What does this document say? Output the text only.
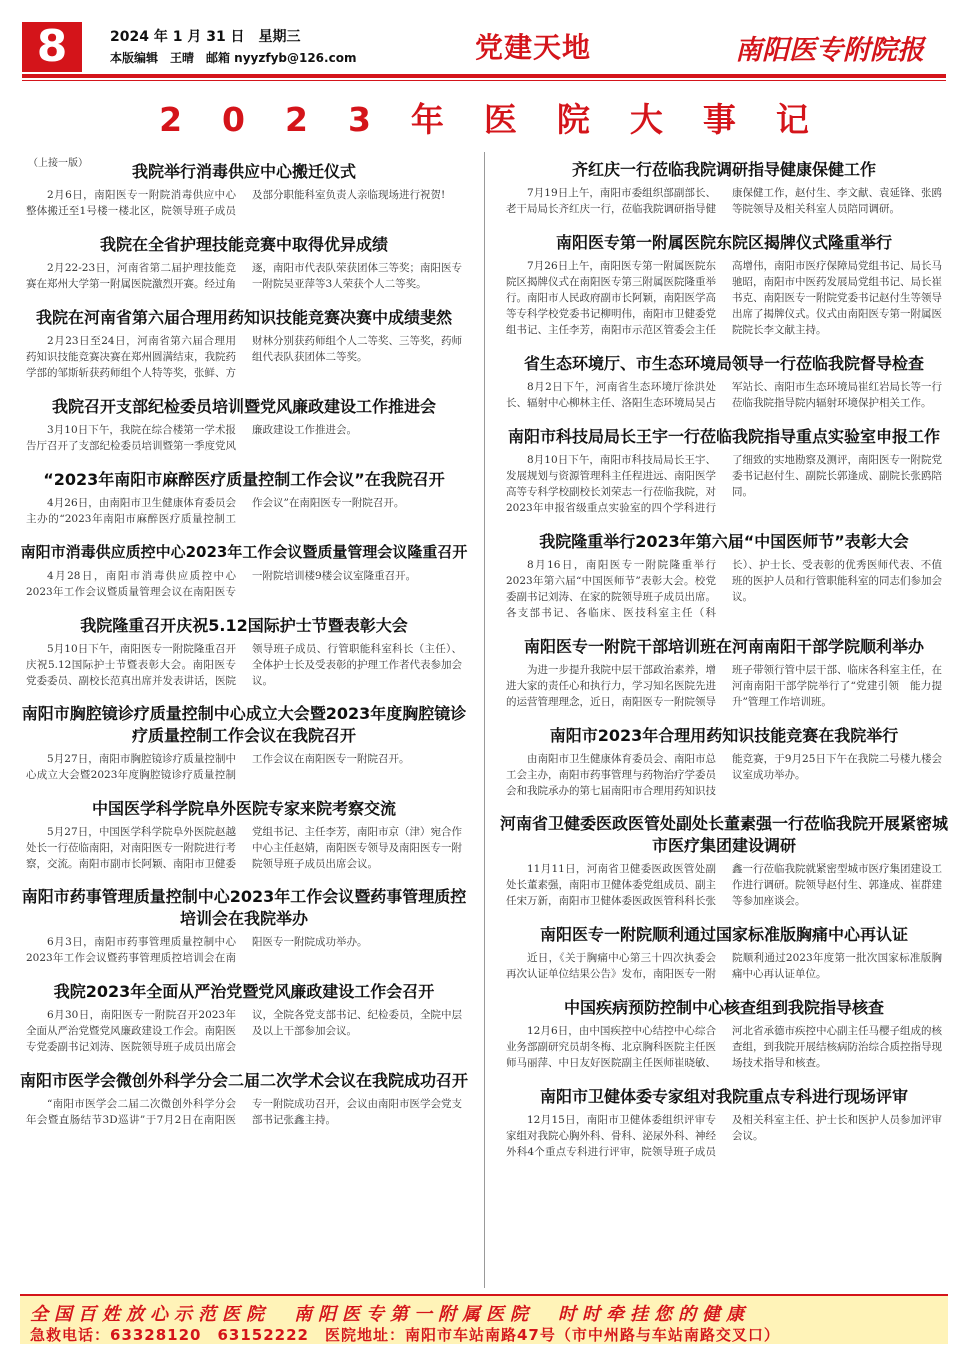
8	2024 年 1 月 31 日　星期三
本版编辑　王晴　邮箱 nyyzfyb@126.com	党建天地	南阳医专附院报
2023年医院大事记
（上接一版）	我院举行消毒供应中心搬迁仪式
2月6日，南阳医专一附院消毒供应中心整体搬迁至1号楼一楼北区，院领导班子成员及部分职能科室负责人亲临现场进行祝贺!
我院在全省护理技能竞赛中取得优异成绩
2月22-23日，河南省第二届护理技能竞赛在郑州大学第一附属医院激烈开赛。经过角逐，南阳市代表队荣获团体三等奖；南阳医专一附院吴亚萍等3人荣获个人二等奖。
我院在河南省第六届合理用药知识技能竞赛决赛中成绩斐然
2月23日至24日，河南省第六届合理用药知识技能竞赛决赛在郑州圆满结束，我院药学部的邹斯斩获药师组个人特等奖，张鲜、方财林分别获药师组个人二等奖、三等奖，药师组代表队获团体二等奖。
我院召开支部纪检委员培训暨党风廉政建设工作推进会
3月10日下午，我院在综合楼第一学术报告厅召开了支部纪检委员培训暨第一季度党风廉政建设工作推进会。
“2023年南阳市麻醉医疗质量控制工作会议”在我院召开
4月26日，由南阳市卫生健康体育委员会主办的“2023年南阳市麻醉医疗质量控制工作会议”在南阳医专一附院召开。
南阳市消毒供应质控中心2023年工作会议暨质量管理会议隆重召开
4月28日，南阳市消毒供应质控中心2023年工作会议暨质量管理会议在南阳医专一附院培训楼9楼会议室隆重召开。
我院隆重召开庆祝5.12国际护士节暨表彰大会
5月10日下午，南阳医专一附院隆重召开庆祝5.12国际护士节暨表彰大会。南阳医专党委委员、副校长范真出席并发表讲话，医院领导班子成员、行管职能科室科长（主任）、全体护士长及受表彰的护理工作者代表参加会议。
南阳市胸腔镜诊疗质量控制中心成立大会暨2023年度胸腔镜诊疗质量控制工作会议在我院召开
5月27日，南阳市胸腔镜诊疗质量控制中心成立大会暨2023年度胸腔镜诊疗质量控制工作会议在南阳医专一附院召开。
中国医学科学院阜外医院专家来院考察交流
5月27日，中国医学科学院阜外医院赵越处长一行莅临南阳，对南阳医专一附院进行考察，交流。南阳市副市长阿颖、南阳市卫健委党组书记、主任李芳，南阳市京（津）宛合作中心主任赵婧，南阳医专领导及南阳医专一附院领导班子成员出席会议。
南阳市药事管理质量控制中心2023年工作会议暨药事管理质控培训会在我院举办
6月3日，南阳市药事管理质量控制中心2023年工作会议暨药事管理质控培训会在南阳医专一附院成功举办。
我院2023年全面从严治党暨党风廉政建设工作会召开
6月30日，南阳医专一附院召开2023年全面从严治党暨党风廉政建设工作会。南阳医专党委副书记刘涛、医院领导班子成员出席会议，全院各党支部书记、纪检委员，全院中层及以上干部参加会议。
南阳市医学会微创外科学分会二届二次学术会议在我院成功召开
“南阳市医学会二届二次微创外科学分会年会暨直肠结节3D巡讲”于7月2日在南阳医专一附院成功召开，会议由南阳市医学会党支部书记张鑫主持。
齐红庆一行莅临我院调研指导健康保健工作
7月19日上午，南阳市委组织部副部长、老干局局长齐红庆一行，莅临我院调研指导健康保健工作，赵付生、李文献、袁延锋、张鸥等院领导及相关科室人员陪同调研。
南阳医专第一附属医院东院区揭牌仪式隆重举行
7月26日上午，南阳医专第一附属医院东院区揭牌仪式在南阳医专第三附属医院隆重举行。南阳市人民政府副市长阿颖，南阳医学高等专科学校党委书记柳明伟，南阳市卫健委党组书记、主任李芳，南阳市示范区管委会主任高增伟，南阳市医疗保障局党组书记、局长马驰昭，南阳市中医药发展局党组书记、局长崔书克、南阳医专一附院党委书记赵付生等领导出席了揭牌仪式。仪式由南阳医专第一附属医院院长李文献主持。
省生态环境厅、市生态环境局领导一行莅临我院督导检查
8月2日下午，河南省生态环境厅徐洪处长、辐射中心柳林主任、洛阳生态环境局吴占军站长、南阳市生态环境局崔红岩局长等一行莅临我院指导院内辐射环境保护相关工作。
南阳市科技局局长王宇一行莅临我院指导重点实验室申报工作
8月10日下午，南阳市科技局局长王宇、发展规划与资源管理科主任程进远、南阳医学高等专科学校副校长刘荣志一行莅临我院，对2023年申报省级重点实验室的四个学科进行了细致的实地勘察及测评，南阳医专一附院党委书记赵付生、副院长郭逢成、副院长张鸥陪同。
我院隆重举行2023年第六届“中国医师节”表彰大会
8月16日，南阳医专一附院隆重举行2023年第六届“中国医师节”表彰大会。校党委副书记刘涛、在家的院领导班子成员出席。各支部书记、各临床、医技科室主任（科长）、护士长、受表彰的优秀医师代表、不值班的医护人员和行管职能科室的同志们参加会议。
南阳医专一附院干部培训班在河南南阳干部学院顺利举办
为进一步提升我院中层干部政治素养，增进大家的责任心和执行力，学习知名医院先进的运营管理理念，近日，南阳医专一附院领导班子带领行管中层干部、临床各科室主任，在河南南阳干部学院举行了“党建引领　能力提升”管理工作培训班。
南阳市2023年合理用药知识技能竞赛在我院举行
由南阳市卫生健康体育委员会、南阳市总工会主办，南阳市药事管理与药物治疗学委员会和我院承办的第七届南阳市合理用药知识技能竞赛，于9月25日下午在我院二号楼九楼会议室成功举办。
河南省卫健委医政医管处副处长董素强一行莅临我院开展紧密城市医疗集团建设调研
11月11日，河南省卫健委医政医管处副处长董素强，南阳市卫健体委党组成员、副主任宋万新，南阳市卫健体委医政医管科科长张鑫一行莅临我院就紧密型城市医疗集团建设工作进行调研。院领导赵付生、郭逢成、崔群建等参加座谈会。
南阳医专一附院顺利通过国家标准版胸痛中心再认证
近日，《关于胸痛中心第三十四次执委会再次认证单位结果公告》发布，南阳医专一附院顺利通过2023年度第一批次国家标准版胸痛中心再认证单位。
中国疾病预防控制中心核查组到我院指导核查
12月6日，由中国疾控中心结控中心综合业务部副研究员胡冬梅、北京胸科医院主任医师马丽萍、中日友好医院副主任医师崔晓敏、河北省承德市疾控中心副主任马樱子组成的核查组，到我院开展结核病防治综合质控指导现场技术指导和核查。
南阳市卫健体委专家组对我院重点专科进行现场评审
12月15日，南阳市卫健体委组织评审专家组对我院心胸外科、骨科、泌尿外科、神经外科4个重点专科进行评审，院领导班子成员及相关科室主任、护士长和医护人员参加评审会议。
全国百姓放心示范医院　南阳医专第一附属医院　时时牵挂您的健康
急救电话：63328120　63152222　医院地址：南阳市车站南路47号（市中州路与车站南路交叉口）
